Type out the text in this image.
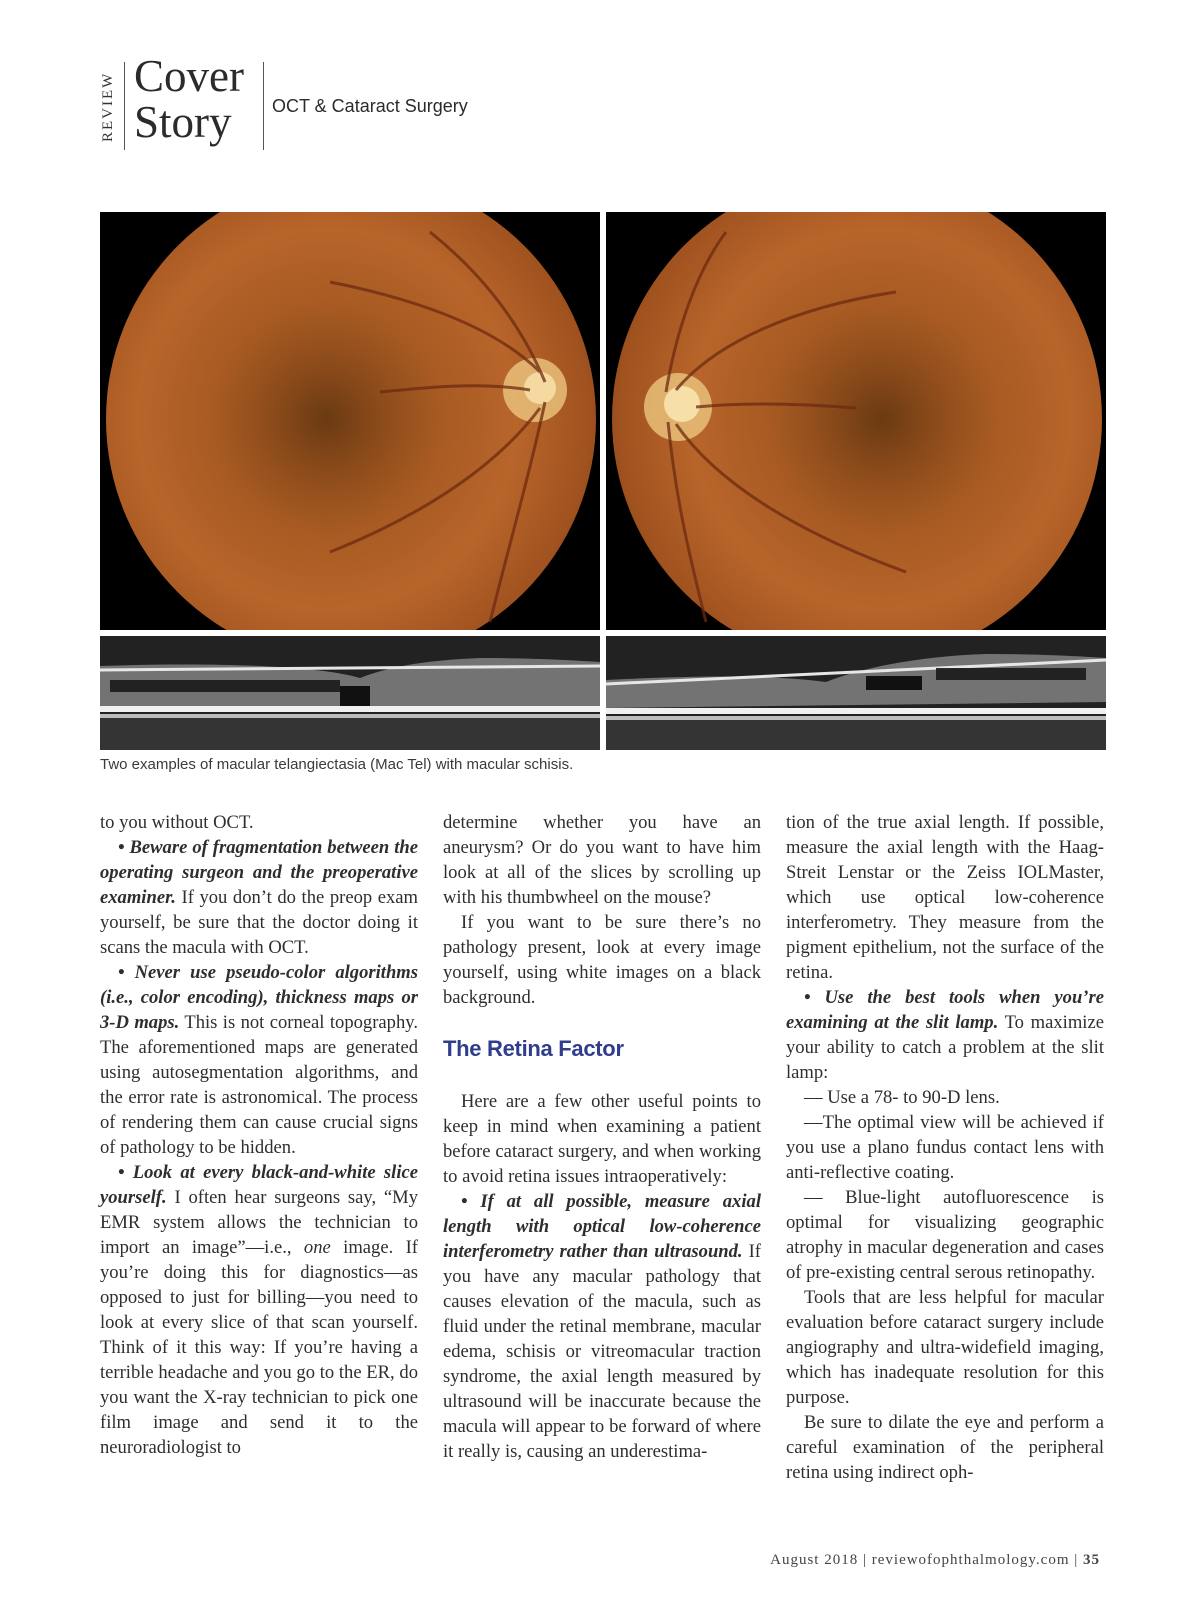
REVIEW Cover
Story OCT & Cataract Surgery
Two examples of macular telangiectasia (Mac Tel) with macular schisis.

to you without OCT.

• Beware of fragmentation between the operating surgeon and the preoperative examiner. If you don’t do the preop exam yourself, be sure that the doctor doing it scans the macula with OCT.

• Never use pseudo-color algorithms (i.e., color encoding), thickness maps or 3-D maps. This is not corneal topography. The aforementioned maps are generated using autosegmentation algorithms, and the error rate is astronomical. The process of rendering them can cause crucial signs of pathology to be hidden.

• Look at every black-and-white slice yourself. I often hear surgeons say, “My EMR system allows the technician to import an image”—i.e., one image. If you’re doing this for diagnostics—as opposed to just for billing—you need to look at every slice of that scan yourself. Think of it this way: If you’re having a terrible headache and you go to the ER, do you want the X-ray technician to pick one film image and send it to the neuroradiologist to

determine whether you have an aneurysm? Or do you want to have him look at all of the slices by scrolling up with his thumbwheel on the mouse?

If you want to be sure there’s no pathology present, look at every image yourself, using white images on a black background.

The Retina Factor

Here are a few other useful points to keep in mind when examining a patient before cataract surgery, and when working to avoid retina issues intraoperatively:

• If at all possible, measure axial length with optical low-coherence interferometry rather than ultrasound. If you have any macular pathology that causes elevation of the macula, such as fluid under the retinal membrane, macular edema, schisis or vitreomacular traction syndrome, the axial length measured by ultrasound will be inaccurate because the macula will appear to be forward of where it really is, causing an underestima-

tion of the true axial length. If possible, measure the axial length with the Haag-Streit Lenstar or the Zeiss IOLMaster, which use optical low-coherence interferometry. They measure from the pigment epithelium, not the surface of the retina.

• Use the best tools when you’re examining at the slit lamp. To maximize your ability to catch a problem at the slit lamp:

— Use a 78- to 90-D lens.

—The optimal view will be achieved if you use a plano fundus contact lens with anti-reflective coating.

— Blue-light autofluorescence is optimal for visualizing geographic atrophy in macular degeneration and cases of pre-existing central serous retinopathy.

Tools that are less helpful for macular evaluation before cataract surgery include angiography and ultra-widefield imaging, which has inadequate resolution for this purpose.

Be sure to dilate the eye and perform a careful examination of the peripheral retina using indirect oph-

August 2018 | reviewofophthalmology.com | 35
